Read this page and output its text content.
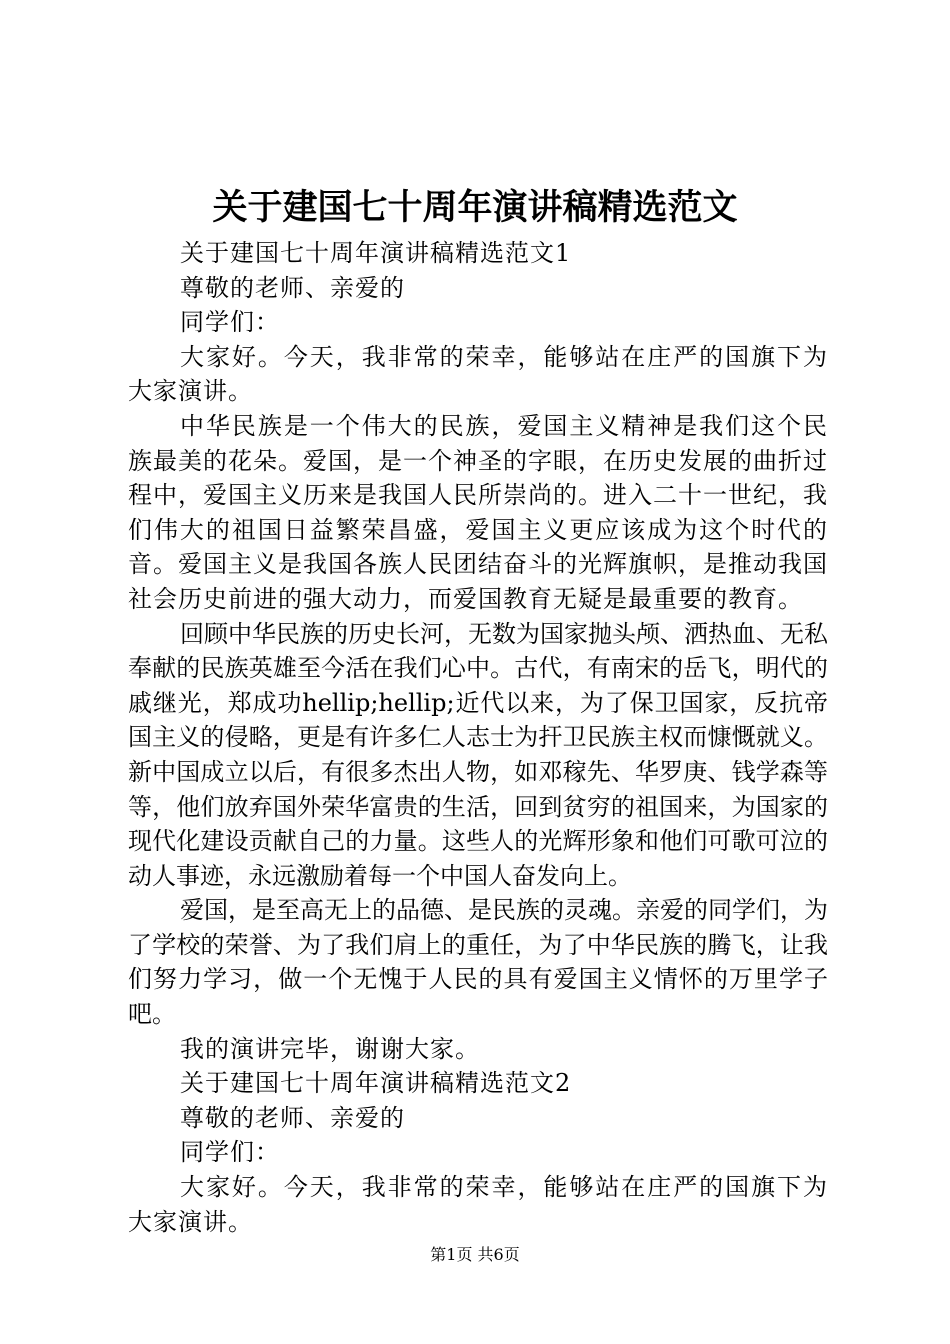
关于建国七十周年演讲稿精选范文

关于建国七十周年演讲稿精选范文1

尊敬的老师、亲爱的

同学们：

大家好。今天，我非常的荣幸，能够站在庄严的国旗下为大家演讲。

中华民族是一个伟大的民族，爱国主义精神是我们这个民族最美的花朵。爱国，是一个神圣的字眼，在历史发展的曲折过程中，爱国主义历来是我国人民所崇尚的。进入二十一世纪，我们伟大的祖国日益繁荣昌盛，爱国主义更应该成为这个时代的音。爱国主义是我国各族人民团结奋斗的光辉旗帜，是推动我国社会历史前进的强大动力，而爱国教育无疑是最重要的教育。

回顾中华民族的历史长河，无数为国家抛头颅、洒热血、无私奉献的民族英雄至今活在我们心中。古代，有南宋的岳飞，明代的戚继光，郑成功hellip;hellip;近代以来，为了保卫国家，反抗帝国主义的侵略，更是有许多仁人志士为扞卫民族主权而慷慨就义。新中国成立以后，有很多杰出人物，如邓稼先、华罗庚、钱学森等等，他们放弃国外荣华富贵的生活，回到贫穷的祖国来，为国家的现代化建设贡献自己的力量。这些人的光辉形象和他们可歌可泣的动人事迹，永远激励着每一个中国人奋发向上。

爱国，是至高无上的品德、是民族的灵魂。亲爱的同学们，为了学校的荣誉、为了我们肩上的重任，为了中华民族的腾飞，让我们努力学习，做一个无愧于人民的具有爱国主义情怀的万里学子吧。

我的演讲完毕，谢谢大家。

关于建国七十周年演讲稿精选范文2

尊敬的老师、亲爱的

同学们：

大家好。今天，我非常的荣幸，能够站在庄严的国旗下为大家演讲。

第1页 共6页
